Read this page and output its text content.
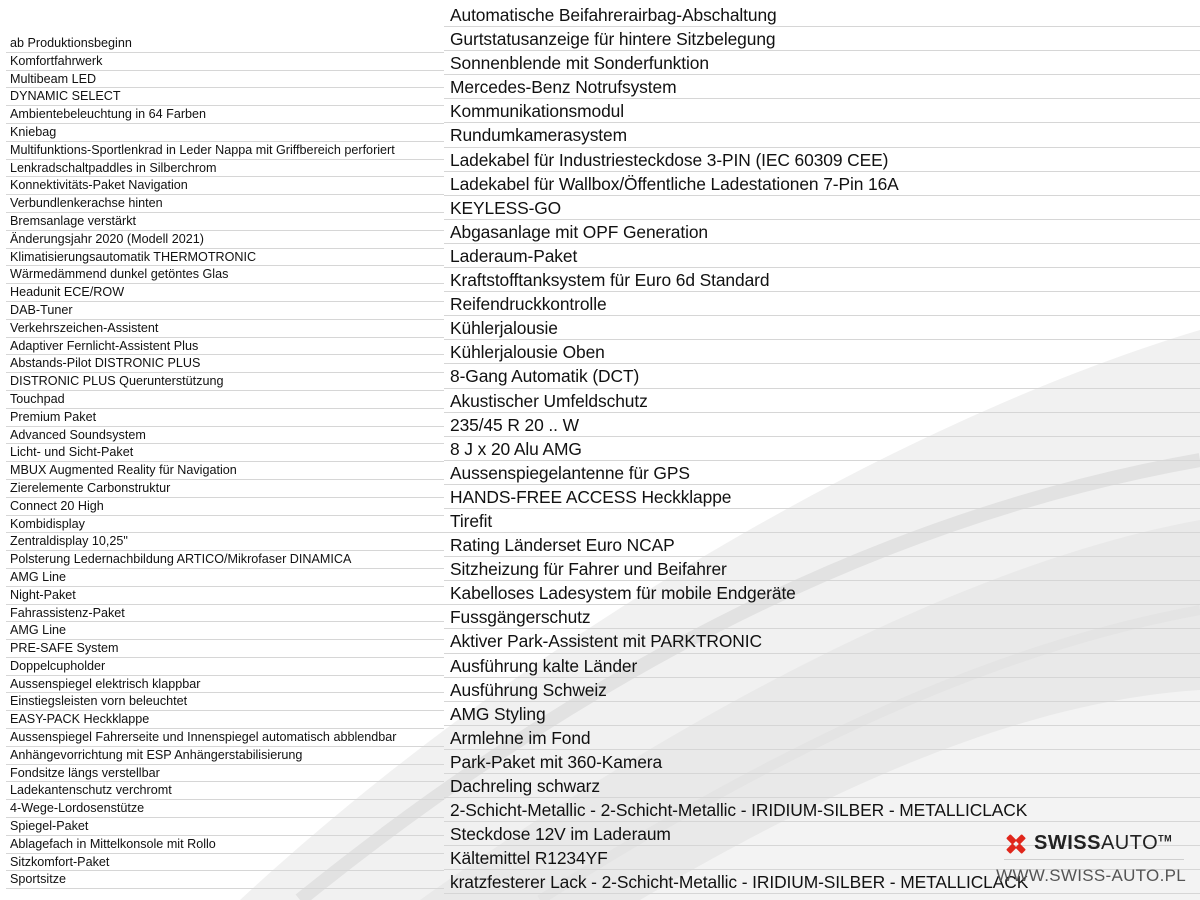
ab Produktionsbeginn
Komfortfahrwerk
Multibeam LED
DYNAMIC SELECT
Ambientebeleuchtung in 64 Farben
Kniebag
Multifunktions-Sportlenkrad in Leder Nappa mit Griffbereich perforiert
Lenkradschaltpaddles in Silberchrom
Konnektivitäts-Paket Navigation
Verbundlenkerachse hinten
Bremsanlage verstärkt
Änderungsjahr 2020 (Modell 2021)
Klimatisierungsautomatik THERMOTRONIC
Wärmedämmend dunkel getöntes Glas
Headunit ECE/ROW
DAB-Tuner
Verkehrszeichen-Assistent
Adaptiver Fernlicht-Assistent Plus
Abstands-Pilot DISTRONIC PLUS
DISTRONIC PLUS Querunterstützung
Touchpad
Premium Paket
Advanced Soundsystem
Licht- und Sicht-Paket
MBUX Augmented Reality für Navigation
Zierelemente Carbonstruktur
Connect 20 High
Kombidisplay
Zentraldisplay 10,25"
Polsterung Ledernachbildung ARTICO/Mikrofaser DINAMICA
AMG Line
Night-Paket
Fahrassistenz-Paket
AMG Line
PRE-SAFE System
Doppelcupholder
Aussenspiegel elektrisch klappbar
Einstiegsleisten vorn beleuchtet
EASY-PACK Heckklappe
Aussenspiegel Fahrerseite und Innenspiegel automatisch abblendbar
Anhängevorrichtung mit ESP Anhängerstabilisierung
Fondsitze längs verstellbar
Ladekantenschutz verchromt
4-Wege-Lordosenstütze
Spiegel-Paket
Ablagefach in Mittelkonsole mit Rollo
Sitzkomfort-Paket
Sportsitze
Automatische Beifahrerairbag-Abschaltung
Gurtstatusanzeige für hintere Sitzbelegung
Sonnenblende mit Sonderfunktion
Mercedes-Benz Notrufsystem
Kommunikationsmodul
Rundumkamerasystem
Ladekabel für Industriesteckdose 3-PIN (IEC 60309 CEE)
Ladekabel für Wallbox/Öffentliche Ladestationen 7-Pin 16A
KEYLESS-GO
Abgasanlage mit OPF Generation
Laderaum-Paket
Kraftstofftanksystem für Euro 6d Standard
Reifendruckkontrolle
Kühlerjalousie
Kühlerjalousie Oben
8-Gang Automatik (DCT)
Akustischer Umfeldschutz
235/45 R 20 .. W
8 J x 20 Alu AMG
Aussenspiegelantenne für GPS
HANDS-FREE ACCESS Heckklappe
Tirefit
Rating Länderset Euro NCAP
Sitzheizung für Fahrer und Beifahrer
Kabelloses Ladesystem für mobile Endgeräte
Fussgängerschutz
Aktiver Park-Assistent mit PARKTRONIC
Ausführung kalte Länder
Ausführung Schweiz
AMG Styling
Armlehne im Fond
Park-Paket mit 360-Kamera
Dachreling schwarz
2-Schicht-Metallic - 2-Schicht-Metallic - IRIDIUM-SILBER - METALLICLACK
Steckdose 12V im Laderaum
Kältemittel R1234YF
kratzfesterer Lack - 2-Schicht-Metallic - IRIDIUM-SILBER - METALLICLACK
SWISSAUTO™
WWW.SWISS-AUTO.PL
